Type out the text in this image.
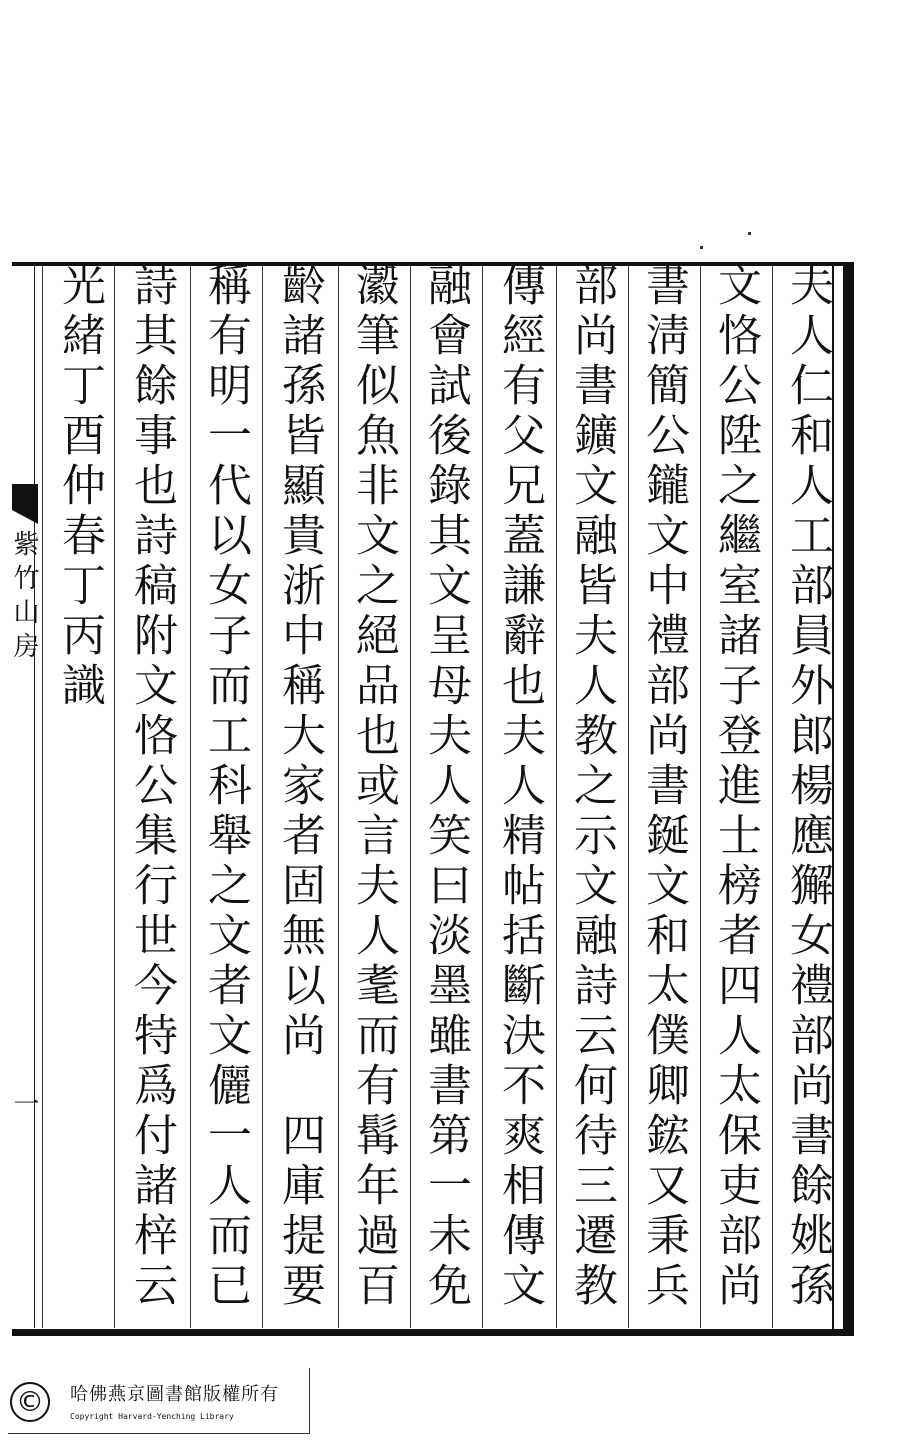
紫竹山房
一	夫人仁和人工部員外郎楊應獬女禮部尚書餘姚孫
文恪公陞之繼室諸子登進士榜者四人太保吏部尚
書淸簡公鑨文中禮部尚書鋋文和太僕卿鋐又秉兵
部尚書鑛文融皆夫人教之示文融詩云何待三遷教
傳經有父兄蓋謙辭也夫人精帖括斷決不爽相傳文
融會試後錄其文呈母夫人笑曰淡墨雖書第一未免
瀫筆似魚非文之絕品也或言夫人耄而有髯年過百
齡諸孫皆顯貴浙中稱大家者固無以尚　四庫提要
稱有明一代以女子而工科舉之文者文儷一人而已
詩其餘事也詩稿附文恪公集行世今特爲付諸梓云
光緒丁酉仲春丁丙識
©	哈佛燕京圖書館版權所有
Copyright Harvard-Yenching Library
